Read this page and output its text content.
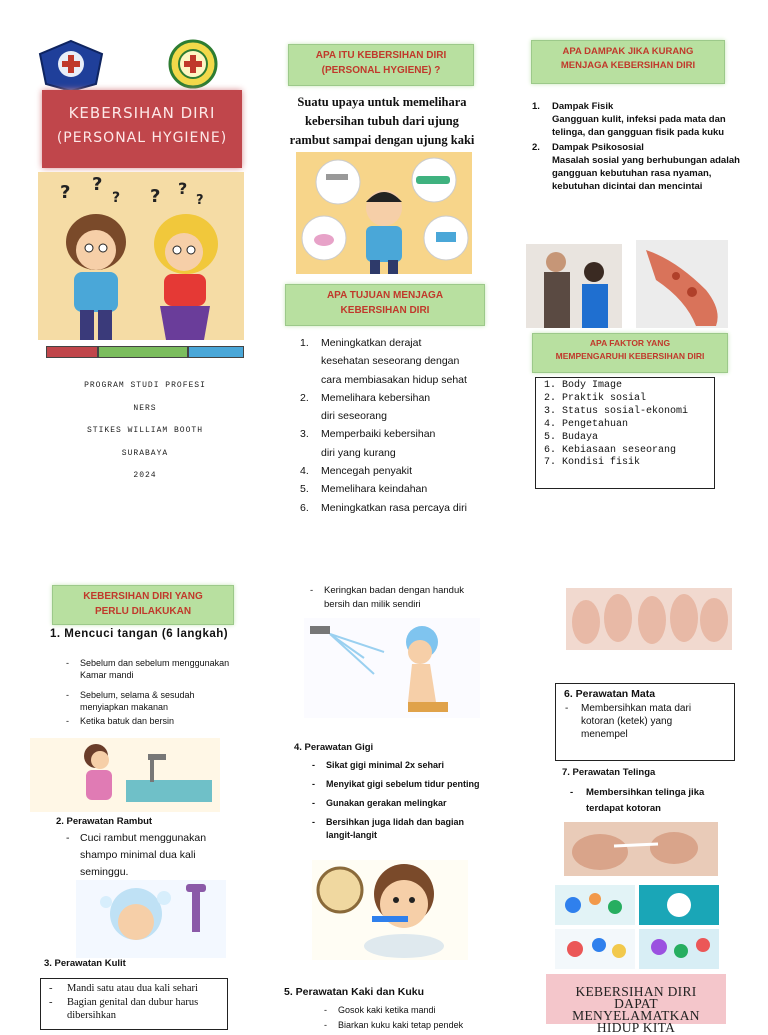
KEBERSIHAN DIRI
(PERSONAL HYGIENE)
? ?
? ? ?
?
PROGRAM STUDI PROFESI
NERS
STIKES WILLIAM BOOTH
SURABAYA
2024
APA ITU KEBERSIHAN DIRI
(PERSONAL HYGIENE) ?
Suatu upaya untuk memelihara
kebersihan tubuh dari ujung
rambut sampai dengan ujung kaki
APA TUJUAN MENJAGA
KEBERSIHAN DIRI
1. Meningkatkan derajat
kesehatan seseorang dengan
cara membiasakan hidup sehat
2. Memelihara kebersihan
diri seseorang
3. Memperbaiki kebersihan
diri yang kurang
4. Mencegah penyakit
5. Memelihara keindahan
6. Meningkatkan rasa percaya diri
APA DAMPAK JIKA KURANG
MENJAGA KEBERSIHAN DIRI
1. Dampak Fisik
Gangguan kulit, infeksi pada mata dan telinga, dan gangguan fisik pada kuku
2. Dampak Psikososial
Masalah sosial yang berhubungan adalah gangguan kebutuhan rasa nyaman, kebutuhan dicintai dan mencintai
APA FAKTOR YANG
MEMPENGARUHI KEBERSIHAN DIRI
1. Body Image
2. Praktik sosial
3. Status sosial-ekonomi
4. Pengetahuan
5. Budaya
6. Kebiasaan seseorang
7. Kondisi fisik
KEBERSIHAN DIRI YANG
PERLU DILAKUKAN
1. Mencuci tangan (6 langkah)
- Sebelum dan sebelum menggunakan Kamar mandi
- Sebelum, selama & sesudah menyiapkan makanan
- Ketika batuk dan bersin
2. Perawatan Rambut
- Cuci rambut menggunakan shampo minimal dua kali seminggu.
3. Perawatan Kulit
- Mandi satu atau dua kali sehari
- Bagian genital dan dubur harus dibersihkan
- Keringkan badan dengan handuk bersih dan milik sendiri
4. Perawatan Gigi
- Sikat gigi minimal 2x sehari
- Menyikat gigi sebelum tidur penting
- Gunakan gerakan melingkar
- Bersihkan juga lidah dan bagian langit-langit
5. Perawatan Kaki dan Kuku
- Gosok kaki ketika mandi
- Biarkan kuku kaki tetap pendek
6. Perawatan Mata
- Membersihkan mata dari kotoran (ketek) yang menempel
7. Perawatan Telinga
- Membersihkan telinga jika terdapat kotoran
KEBERSIHAN DIRI
DAPAT
MENYELAMATKAN
HIDUP KITA
